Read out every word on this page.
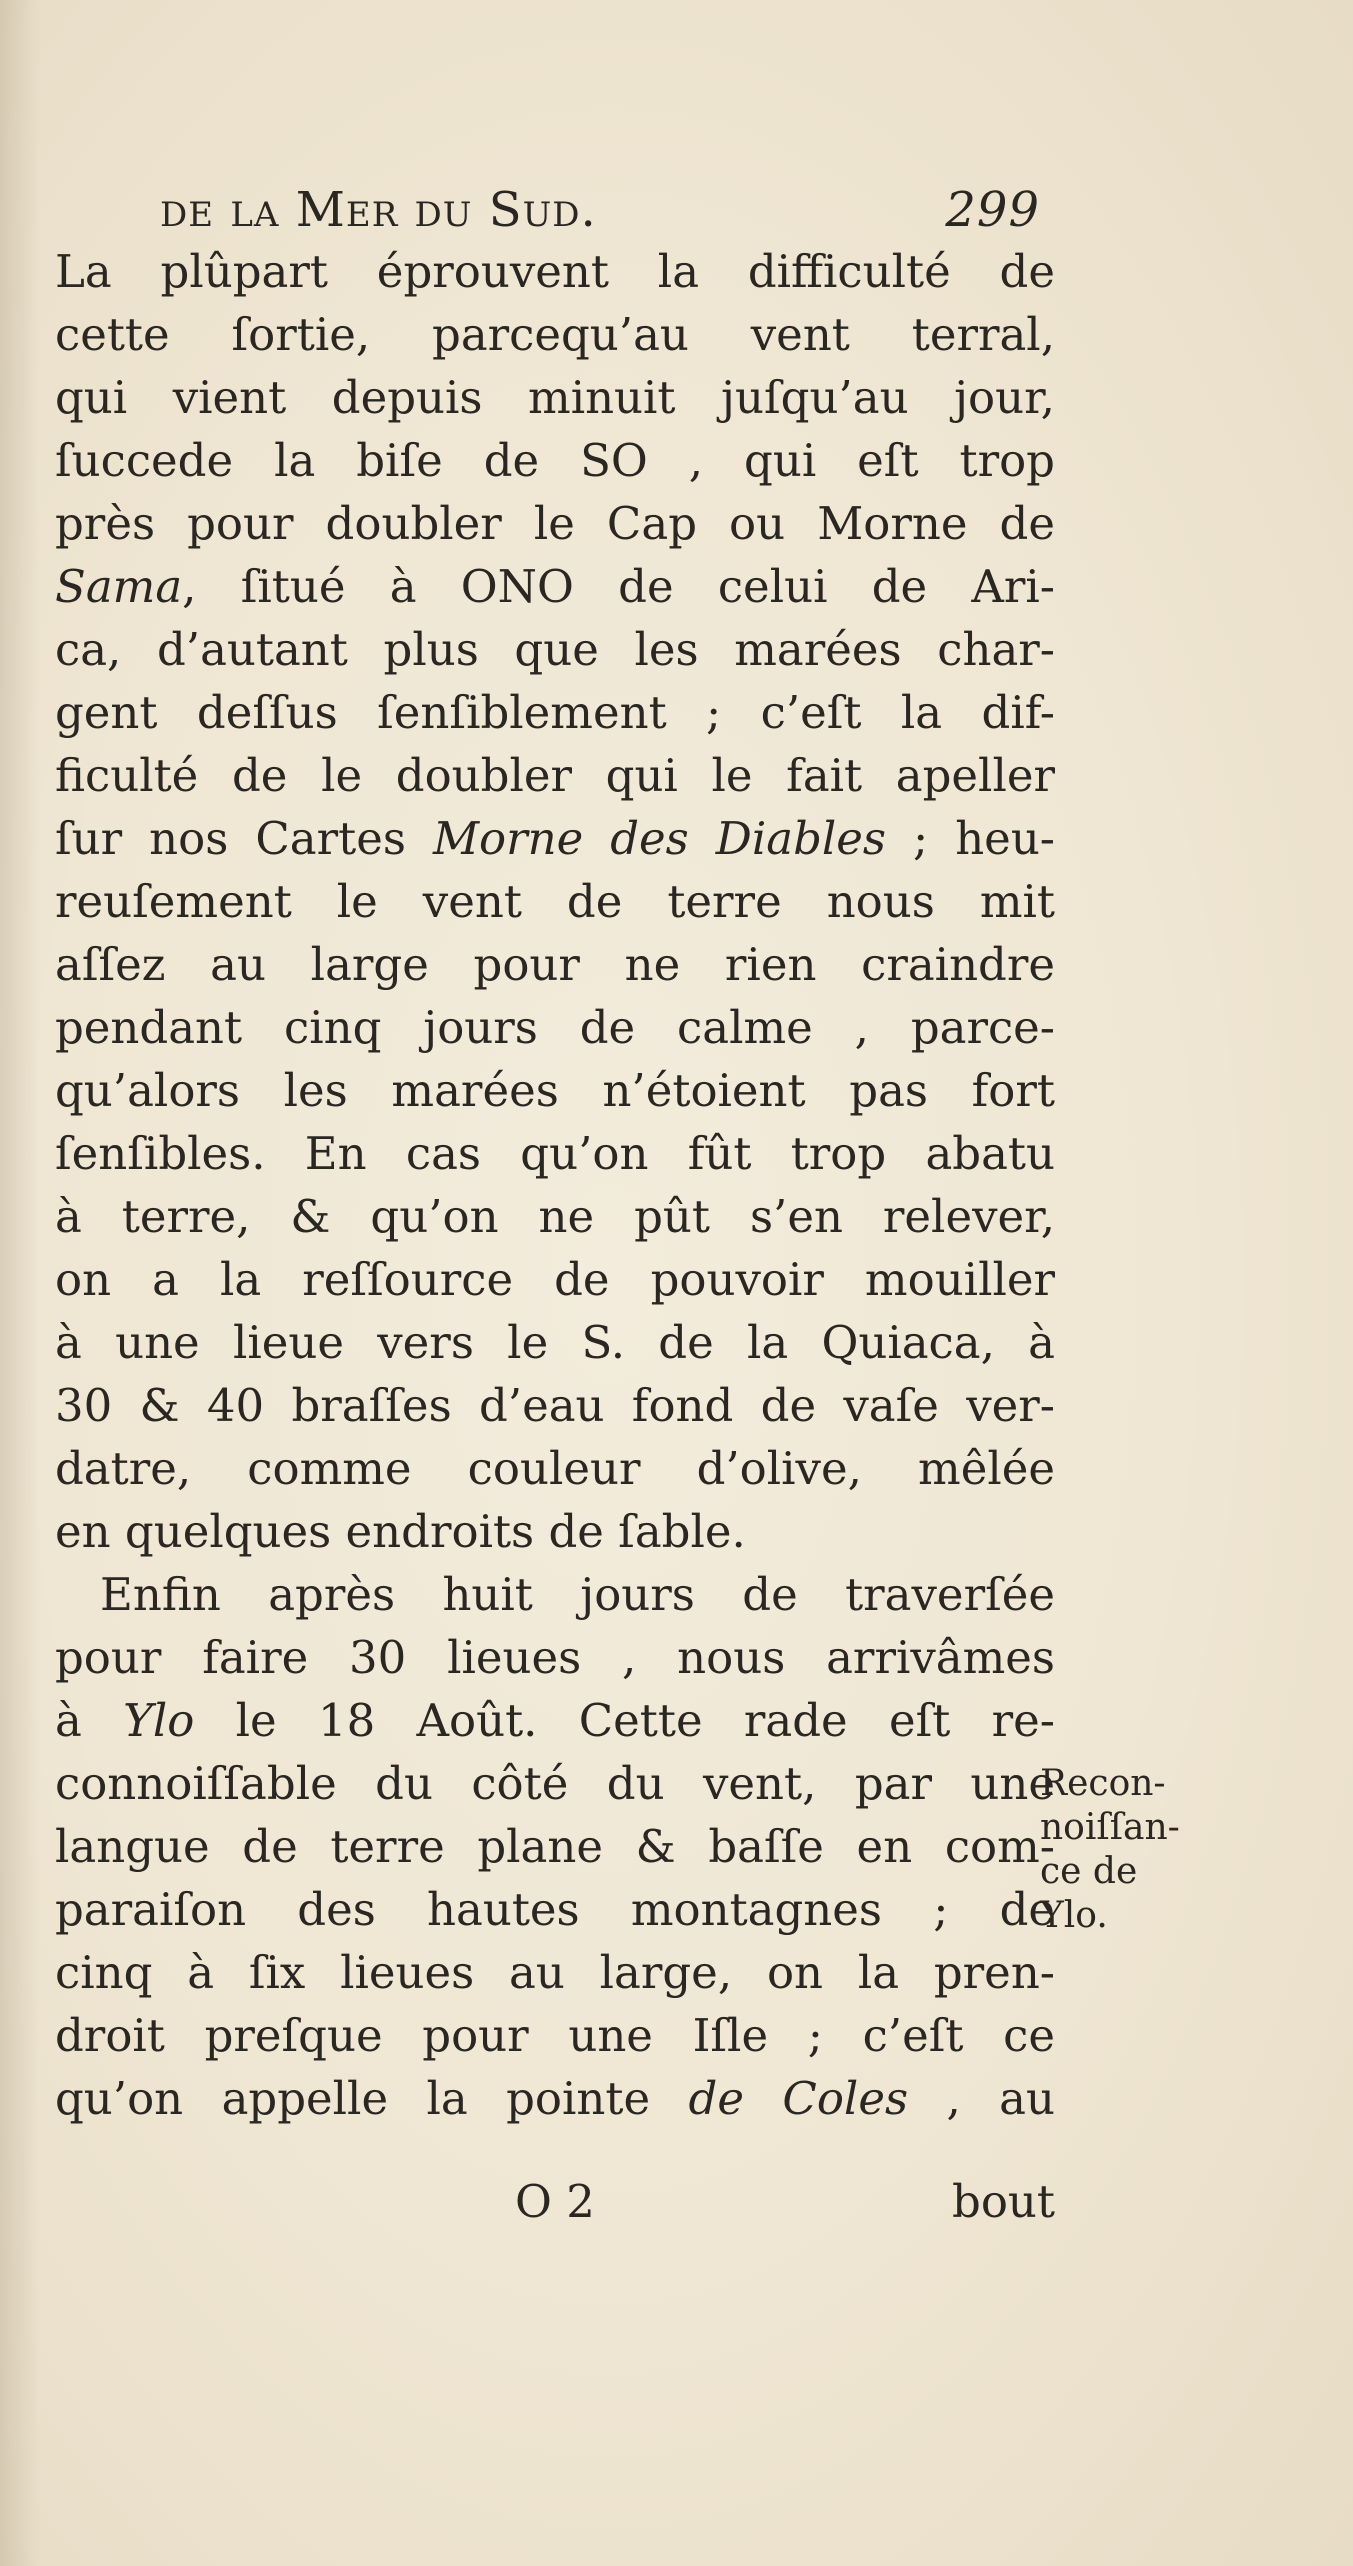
de la Mer du Sud.	299
La plûpart éprouvent la difficulté de
cette ſortie, parcequ’au vent terral,
qui vient depuis minuit juſqu’au jour,
ſuccede la biſe de SO , qui eſt trop
près pour doubler le Cap ou Morne de
Sama, ſitué à ONO de celui de Ari-
ca, d’autant plus que les marées char-
gent deſſus ſenſiblement ; c’eſt la dif-
ficulté de le doubler qui le fait apeller
ſur nos Cartes Morne des Diables ; heu-
reuſement le vent de terre nous mit
aſſez au large pour ne rien craindre
pendant cinq jours de calme , parce-
qu’alors les marées n’étoient pas fort
ſenſibles. En cas qu’on fût trop abatu
à terre, & qu’on ne pût s’en relever,
on a la reſſource de pouvoir mouiller
à une lieue vers le S. de la Quiaca, à
30 & 40 braſſes d’eau fond de vaſe ver-
datre, comme couleur d’olive, mêlée
en quelques endroits de ſable.
Enfin après huit jours de traverſée
pour faire 30 lieues , nous arrivâmes
à Ylo le 18 Août. Cette rade eſt re-
connoiſſable du côté du vent, par une
langue de terre plane & baſſe en com-
paraiſon des hautes montagnes ; de
cinq à ſix lieues au large, on la pren-
droit preſque pour une Iſle ; c’eſt ce
qu’on appelle la pointe de Coles , au
Recon-
noiſſan-
ce de
Ylo.
O 2	bout
